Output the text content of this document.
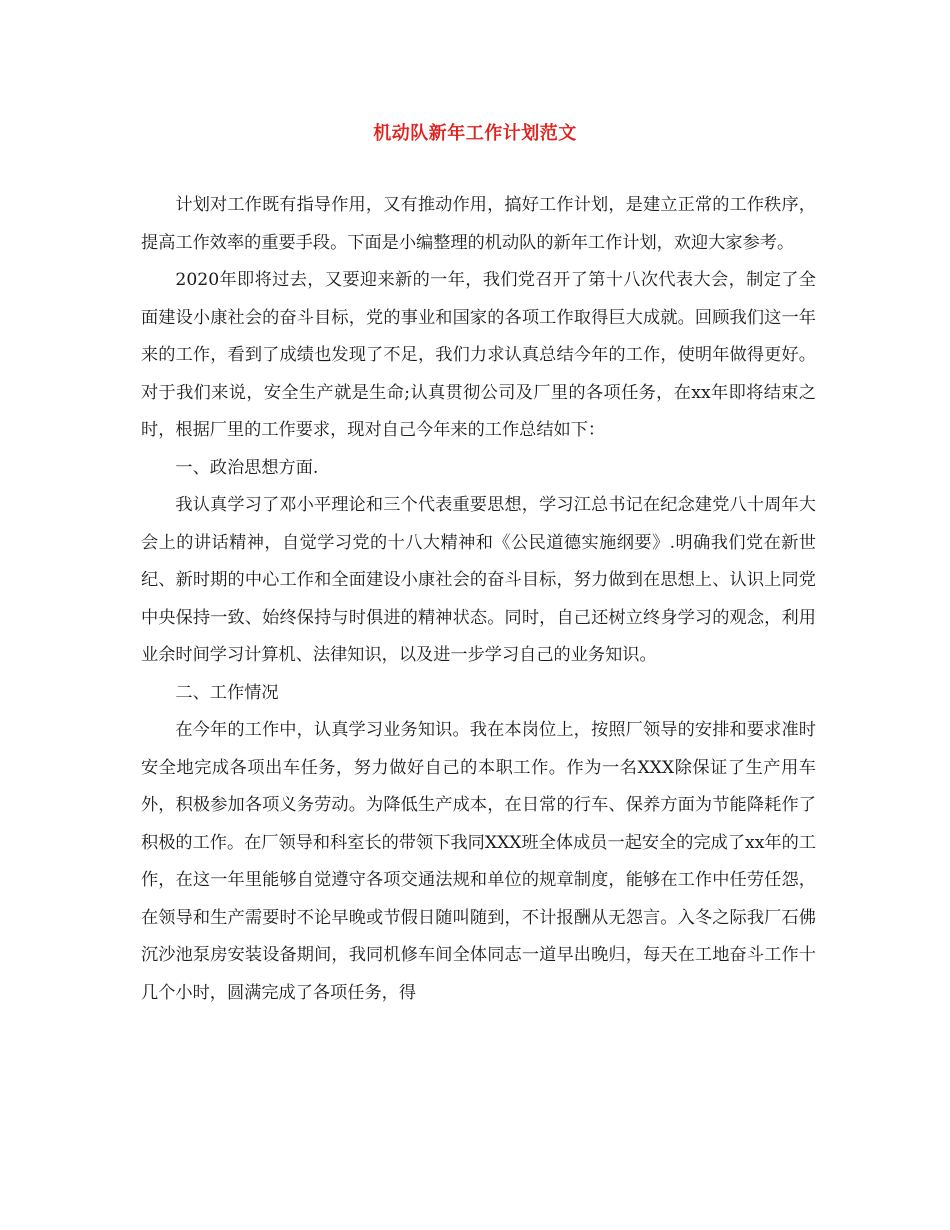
机动队新年工作计划范文

计划对工作既有指导作用，又有推动作用，搞好工作计划，是建立正常的工作秩序，提高工作效率的重要手段。下面是小编整理的机动队的新年工作计划，欢迎大家参考。

2020年即将过去，又要迎来新的一年，我们党召开了第十八次代表大会，制定了全面建设小康社会的奋斗目标，党的事业和国家的各项工作取得巨大成就。回顾我们这一年来的工作，看到了成绩也发现了不足，我们力求认真总结今年的工作，使明年做得更好。对于我们来说，安全生产就是生命;认真贯彻公司及厂里的各项任务，在xx年即将结束之时，根据厂里的工作要求，现对自己今年来的工作总结如下：

一、政治思想方面.

我认真学习了邓小平理论和三个代表重要思想，学习江总书记在纪念建党八十周年大会上的讲话精神，自觉学习党的十八大精神和《公民道德实施纲要》.明确我们党在新世纪、新时期的中心工作和全面建设小康社会的奋斗目标，努力做到在思想上、认识上同党中央保持一致、始终保持与时俱进的精神状态。同时，自己还树立终身学习的观念，利用业余时间学习计算机、法律知识，以及进一步学习自己的业务知识。

二、工作情况

在今年的工作中，认真学习业务知识。我在本岗位上，按照厂领导的安排和要求准时安全地完成各项出车任务，努力做好自己的本职工作。作为一名XXX除保证了生产用车外，积极参加各项义务劳动。为降低生产成本，在日常的行车、保养方面为节能降耗作了积极的工作。在厂领导和科室长的带领下我同XXX班全体成员一起安全的完成了xx年的工作，在这一年里能够自觉遵守各项交通法规和单位的规章制度，能够在工作中任劳任怨，在领导和生产需要时不论早晚或节假日随叫随到，不计报酬从无怨言。入冬之际我厂石佛沉沙池泵房安装设备期间，我同机修车间全体同志一道早出晚归，每天在工地奋斗工作十几个小时，圆满完成了各项任务，得
